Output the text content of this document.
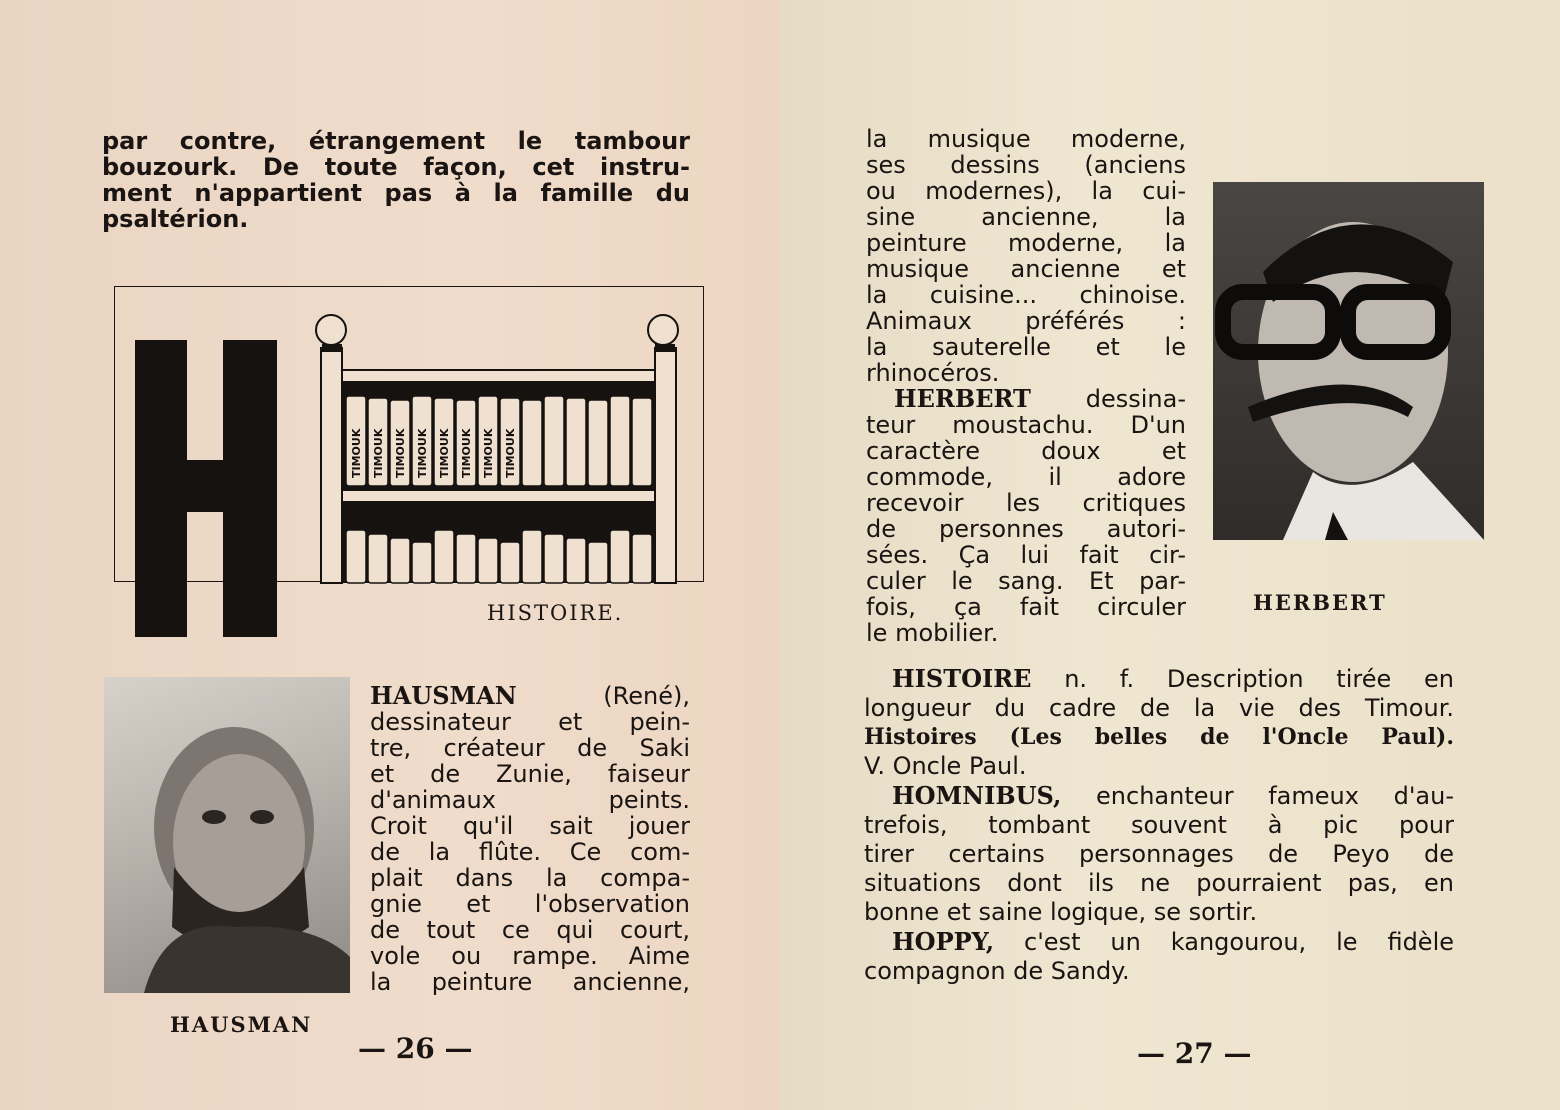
par contre, étrangement le tambour
bouzourk. De toute façon, cet instru-
ment n'appartient pas à la famille du
psaltérion.
TIMOUK TIMOUK TIMOUK TIMOUK TIMOUK TIMOUK TIMOUK TIMOUK
HISTOIRE.
HAUSMAN
HAUSMAN	(René),
dessinateur et pein-
tre, créateur de Saki
et de Zunie, faiseur
d'animaux peints.
Croit qu'il sait jouer
de la flûte. Ce com-
plait dans la compa-
gnie et l'observation
de tout ce qui court,
vole ou rampe. Aime
la peinture ancienne,
— 26 —
la musique moderne,
ses dessins (anciens
ou modernes), la cui-
sine ancienne, la
peinture moderne, la
musique ancienne et
la cuisine... chinoise.
Animaux préférés :
la sauterelle et le
rhinocéros.
HERBERT dessina-
teur moustachu. D'un
caractère doux et
commode, il adore
recevoir les critiques
de personnes autori-
sées. Ça lui fait cir-
culer le sang. Et par-
fois, ça fait circuler
le mobilier.
HERBERT
HISTOIRE n. f. Description tirée en
longueur du cadre de la vie des Timour.
Histoires (Les belles de l'Oncle Paul).
V. Oncle Paul.
HOMNIBUS, enchanteur fameux d'au-
trefois, tombant souvent à pic pour
tirer certains personnages de Peyo de
situations dont ils ne pourraient pas, en
bonne et saine logique, se sortir.
HOPPY, c'est un kangourou, le fidèle
compagnon de Sandy.
— 27 —
